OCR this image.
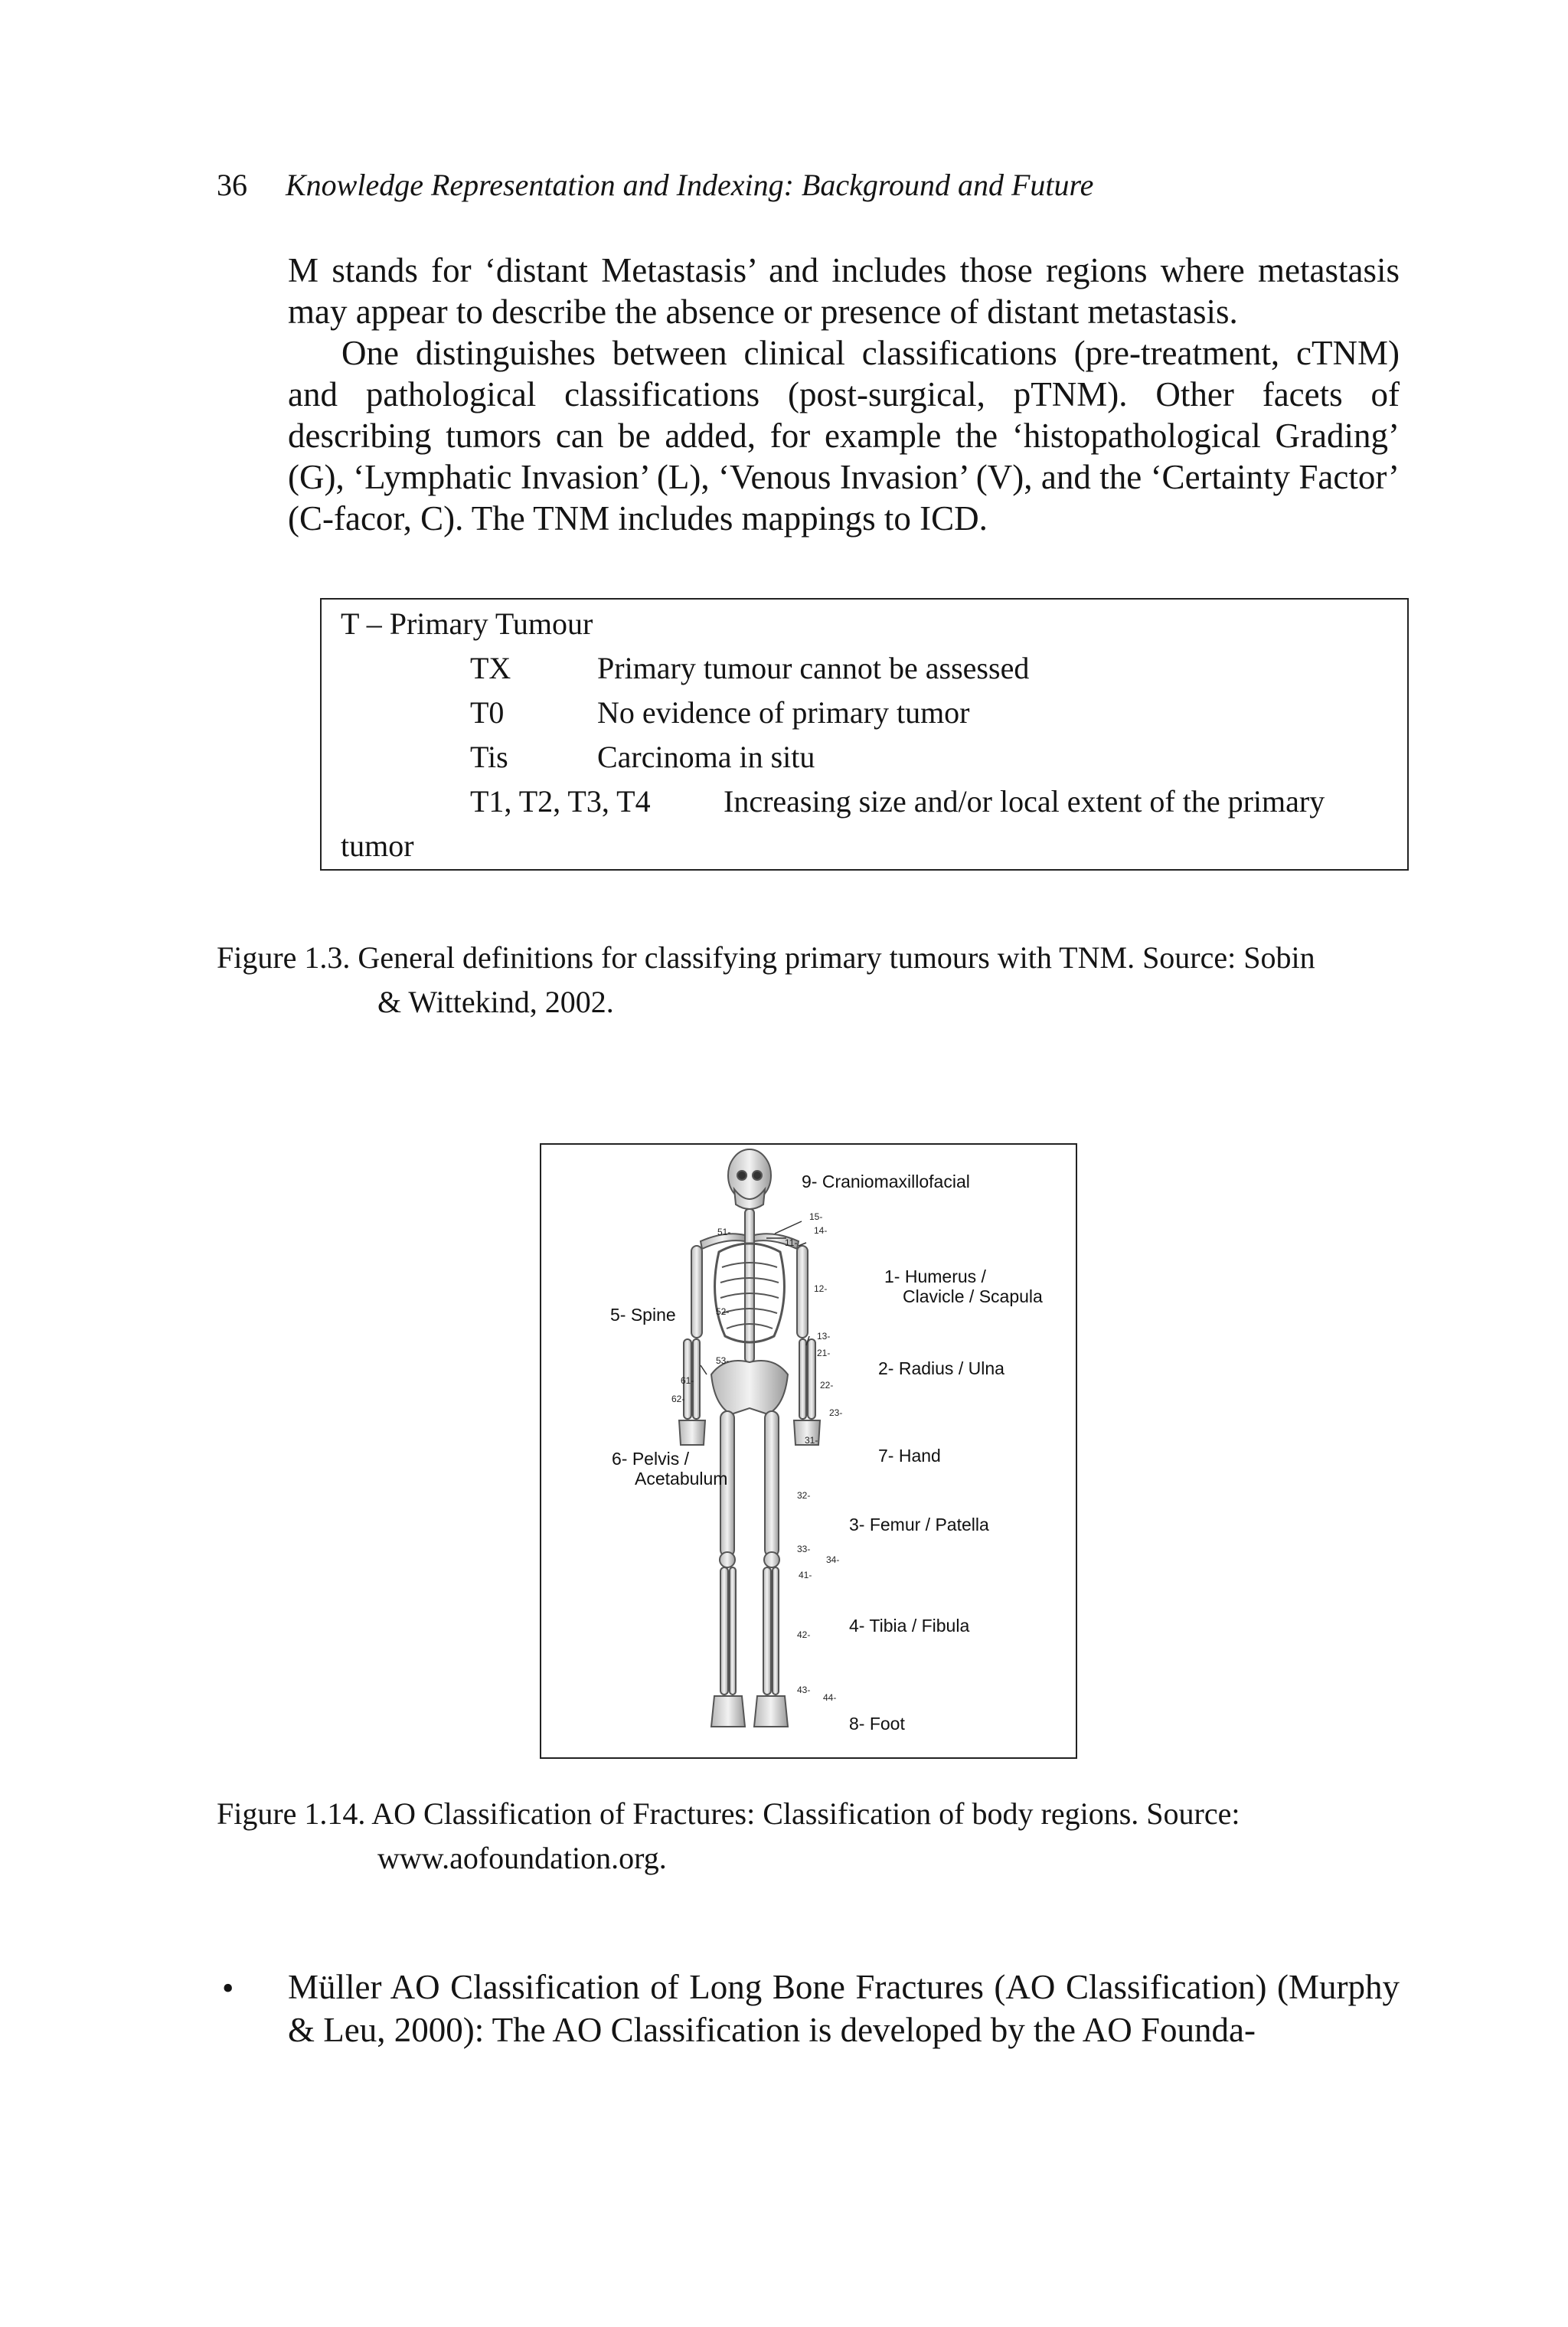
36 Knowledge Representation and Indexing: Background and Future

M stands for ‘distant Metastasis’ and includes those regions where metastasis may appear to describe the absence or presence of distant metastasis.

One distinguishes between clinical classifications (pre-treatment, cTNM) and pathological classifications (post-surgical, pTNM). Other facets of describing tumors can be added, for example the ‘histopathological Grading’ (G), ‘Lymphatic Invasion’ (L), ‘Venous Invasion’ (V), and the ‘Certainty Factor’ (C-facor, C). The TNM includes mappings to ICD.

T – Primary Tumour
TX	Primary tumour cannot be assessed
T0	No evidence of primary tumor
Tis	Carcinoma in situ
T1, T2, T3, T4 Increasing size and/or local extent of the primary
tumor
Figure 1.3. General definitions for classifying primary tumours with TNM. Source: Sobin
& Wittekind, 2002.
9- Craniomaxillofacial
1- Humerus /
Clavicle / Scapula
5- Spine
2- Radius / Ulna
6- Pelvis /
Acetabulum
7- Hand
3- Femur / Patella
4- Tibia / Fibula
8- Foot
15-
14-
11-
51-
12-
52-
13-
21-
53-
22-
61-
62-
23-
31-
32-
33-
34-
41-
42-
43-
44-
Figure 1.14. AO Classification of Fractures: Classification of body regions. Source:
www.aofoundation.org.
• Müller AO Classification of Long Bone Fractures (AO Classification) (Murphy & Leu, 2000): The AO Classification is developed by the AO Founda-
